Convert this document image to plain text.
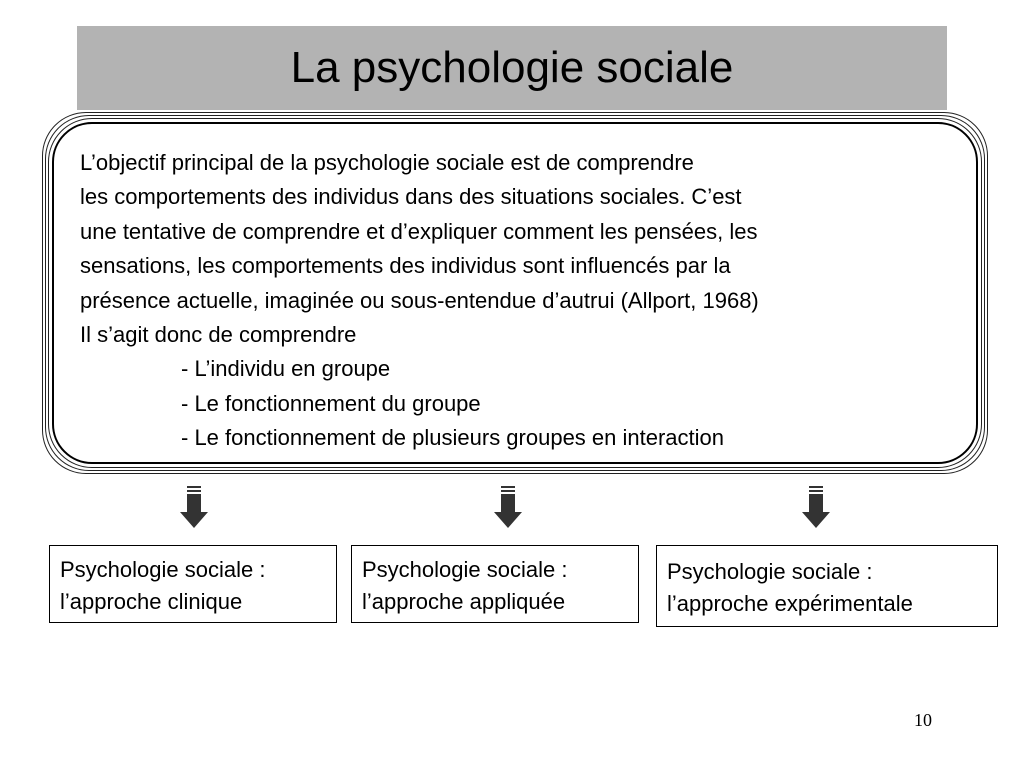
La psychologie sociale
L’objectif principal de la psychologie sociale est de comprendre
les comportements des individus dans des situations sociales. C’est
une tentative de comprendre et d’expliquer comment les pensées, les
sensations, les comportements des individus sont influencés par la
présence actuelle, imaginée ou sous-entendue d’autrui (Allport, 1968)
Il s’agit donc de comprendre
- L’individu en groupe
- Le fonctionnement du groupe
- Le fonctionnement de plusieurs groupes en interaction
Psychologie sociale :
l’approche clinique
Psychologie sociale :
l’approche appliquée
Psychologie sociale :
l’approche expérimentale
10
